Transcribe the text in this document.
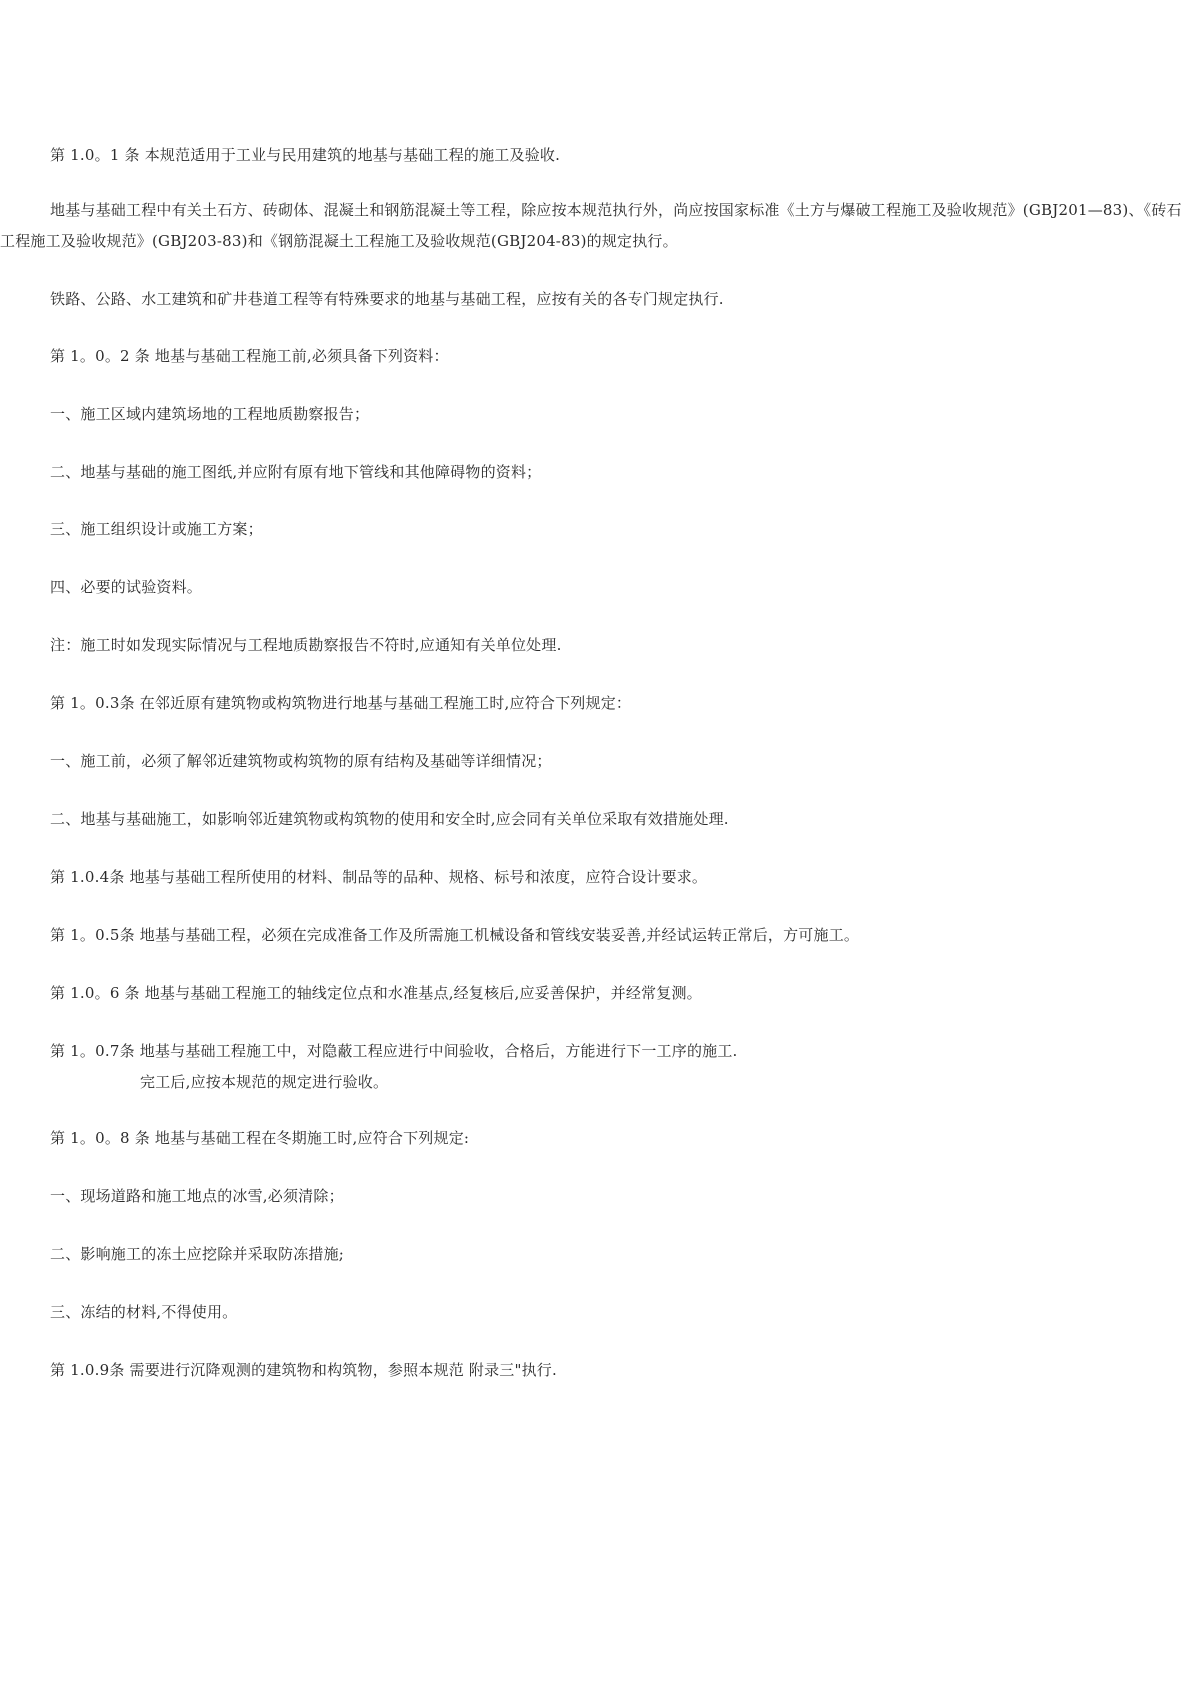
第 1.0。1 条 本规范适用于工业与民用建筑的地基与基础工程的施工及验收.

地基与基础工程中有关土石方、砖砌体、混凝土和钢筋混凝土等工程，除应按本规范执行外，尚应按国家标准《土方与爆破工程施工及验收规范》(GBJ201—83)、《砖石工程施工及验收规范》(GBJ203-83)和《钢筋混凝土工程施工及验收规范(GBJ204-83)的规定执行。

铁路、公路、水工建筑和矿井巷道工程等有特殊要求的地基与基础工程，应按有关的各专门规定执行.

第 1。0。2 条 地基与基础工程施工前,必须具备下列资料：

一、施工区域内建筑场地的工程地质勘察报告；

二、地基与基础的施工图纸,并应附有原有地下管线和其他障碍物的资料；

三、施工组织设计或施工方案；

四、必要的试验资料。

注：施工时如发现实际情况与工程地质勘察报告不符时,应通知有关单位处理.

第 1。0.3条 在邻近原有建筑物或构筑物进行地基与基础工程施工时,应符合下列规定：

一、施工前，必须了解邻近建筑物或构筑物的原有结构及基础等详细情况；

二、地基与基础施工，如影响邻近建筑物或构筑物的使用和安全时,应会同有关单位采取有效措施处理.

第 1.0.4条 地基与基础工程所使用的材料、制品等的品种、规格、标号和浓度，应符合设计要求。

第 1。0.5条 地基与基础工程，必须在完成准备工作及所需施工机械设备和管线安装妥善,并经试运转正常后，方可施工。

第 1.0。6 条 地基与基础工程施工的轴线定位点和水准基点,经复核后,应妥善保护，并经常复测。

第 1。0.7条 地基与基础工程施工中，对隐蔽工程应进行中间验收，合格后，方能进行下一工序的施工.
完工后,应按本规范的规定进行验收。

第 1。0。8 条 地基与基础工程在冬期施工时,应符合下列规定:

一、现场道路和施工地点的冰雪,必须清除；

二、影响施工的冻土应挖除并采取防冻措施;

三、冻结的材料,不得使用。

第 1.0.9条 需要进行沉降观测的建筑物和构筑物，参照本规范 附录三"执行.
